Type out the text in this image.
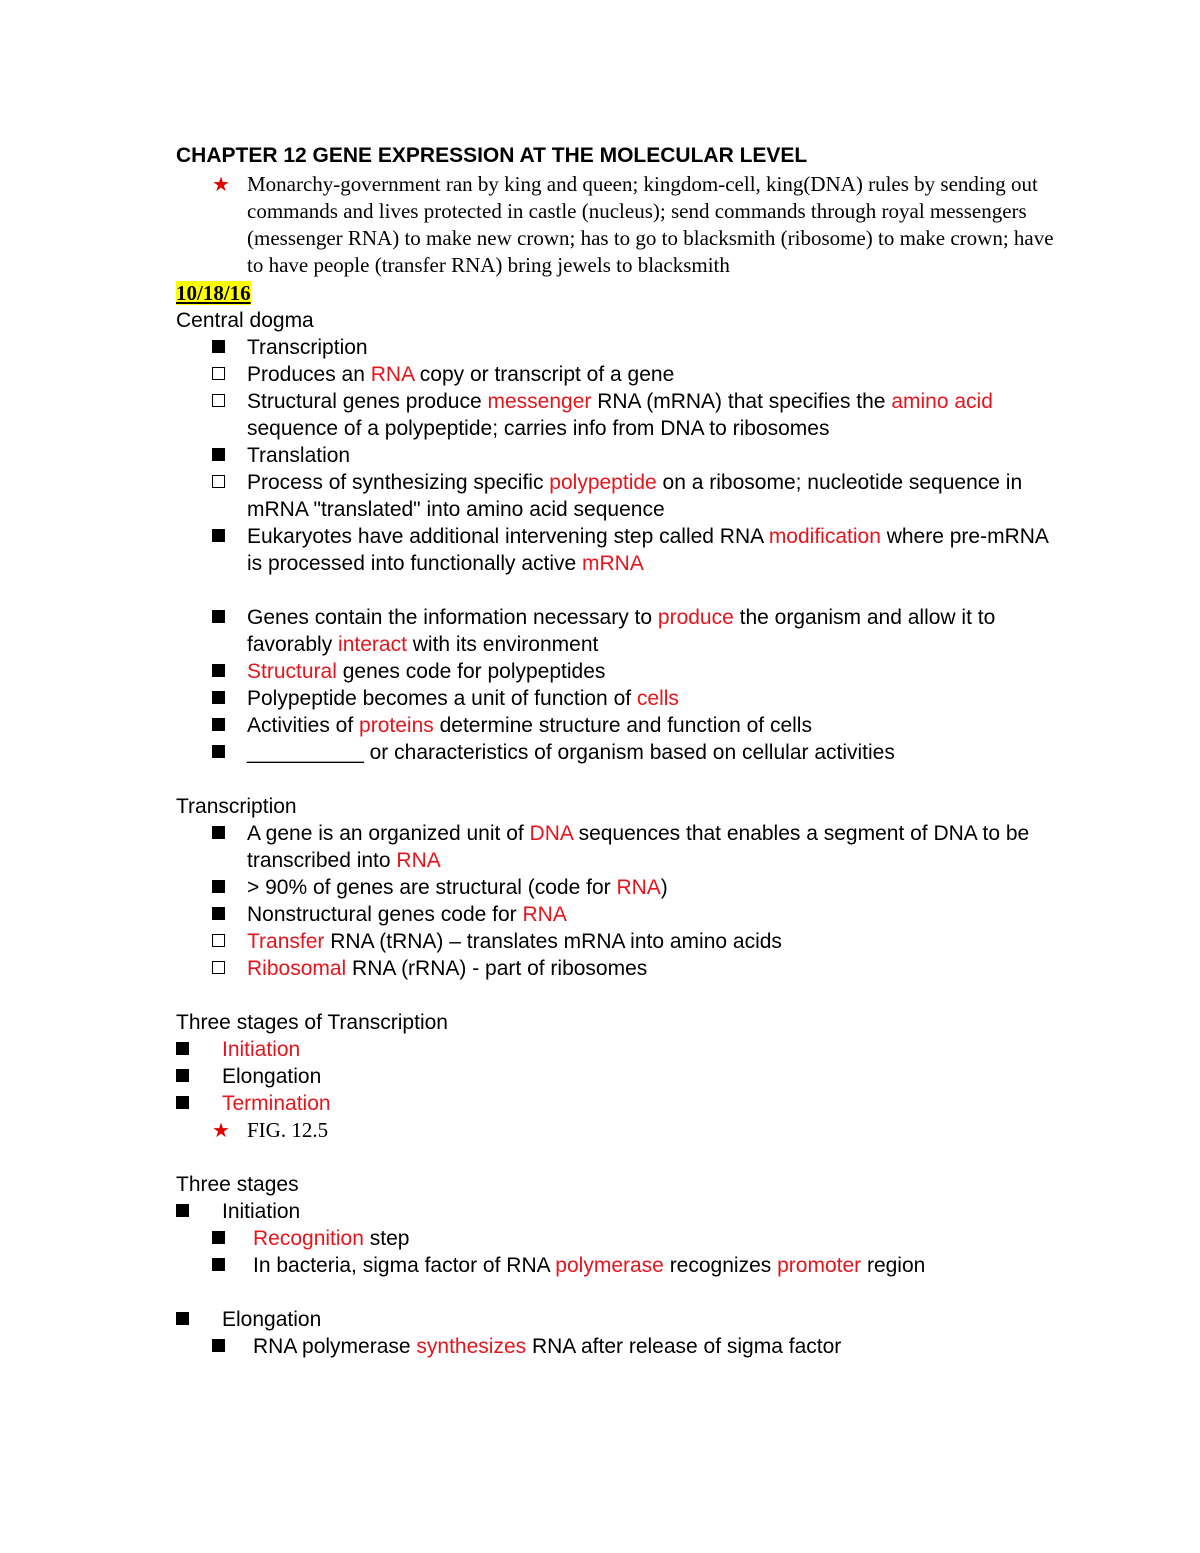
CHAPTER 12 GENE EXPRESSION AT THE MOLECULAR LEVEL
★ Monarchy-government ran by king and queen; kingdom-cell, king(DNA) rules by sending out commands and lives protected in castle (nucleus); send commands through royal messengers (messenger RNA) to make new crown; has to go to blacksmith (ribosome) to make crown; have to have people (transfer RNA) bring jewels to blacksmith
10/18/16
Central dogma
Transcription
Produces an RNA copy or transcript of a gene
Structural genes produce messenger RNA (mRNA) that specifies the amino acid sequence of a polypeptide; carries info from DNA to ribosomes
Translation
Process of synthesizing specific polypeptide on a ribosome; nucleotide sequence in mRNA "translated" into amino acid sequence
Eukaryotes have additional intervening step called RNA modification where pre-mRNA is processed into functionally active mRNA
Genes contain the information necessary to produce the organism and allow it to favorably interact with its environment
Structural genes code for polypeptides
Polypeptide becomes a unit of function of cells
Activities of proteins determine structure and function of cells
__________ or characteristics of organism based on cellular activities
Transcription
A gene is an organized unit of DNA sequences that enables a segment of DNA to be transcribed into RNA
> 90% of genes are structural (code for RNA)
Nonstructural genes code for RNA
Transfer RNA (tRNA) – translates mRNA into amino acids
Ribosomal RNA (rRNA) - part of ribosomes
Three stages of Transcription
Initiation
Elongation
Termination
★ FIG. 12.5
Three stages
Initiation
Recognition step
In bacteria, sigma factor of RNA polymerase recognizes promoter region
Elongation
RNA polymerase synthesizes RNA after release of sigma factor
